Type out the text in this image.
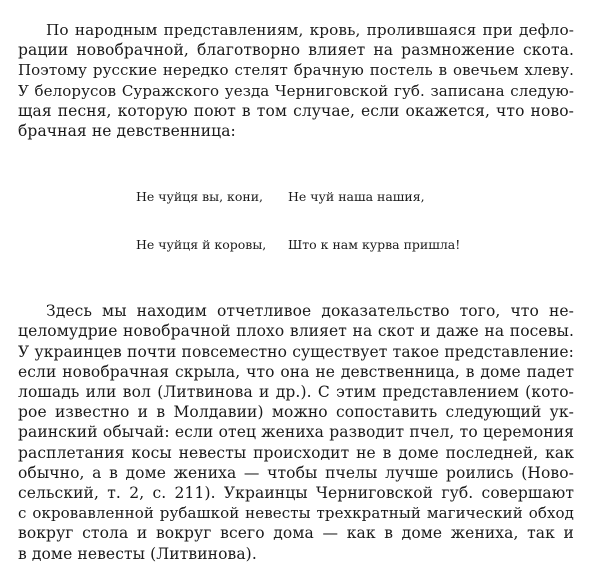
По народным представлениям, кровь, пролившаяся при дефло-
рации новобрачной, благотворно влияет на размножение скота.
Поэтому русские нередко стелят брачную постель в овечьем хлеву.
У белорусов Суражского уезда Черниговской губ. записана следую-
щая песня, которую поют в том случае, если окажется, что ново-
брачная не девственница:

Не чуйця вы, кони, Не чуй наша нашия,

Не чуйця й коровы, Што к нам курва пришла!

Здесь мы находим отчетливое доказательство того, что не-
целомудрие новобрачной плохо влияет на скот и даже на посевы.
У украинцев почти повсеместно существует такое представление:
если новобрачная скрыла, что она не девственница, в доме падет
лошадь или вол (Литвинова и др.). С этим представлением (кото-
рое известно и в Молдавии) можно сопоставить следующий ук-
раинский обычай: если отец жениха разводит пчел, то церемония
расплетания косы невесты происходит не в доме последней, как
обычно, а в доме жениха — чтобы пчелы лучше роились (Ново-
сельский, т. 2, с. 211). Украинцы Черниговской губ. совершают
с окровавленной рубашкой невесты трехкратный магический обход
вокруг стола и вокруг всего дома — как в доме жениха, так и
в доме невесты (Литвинова).
